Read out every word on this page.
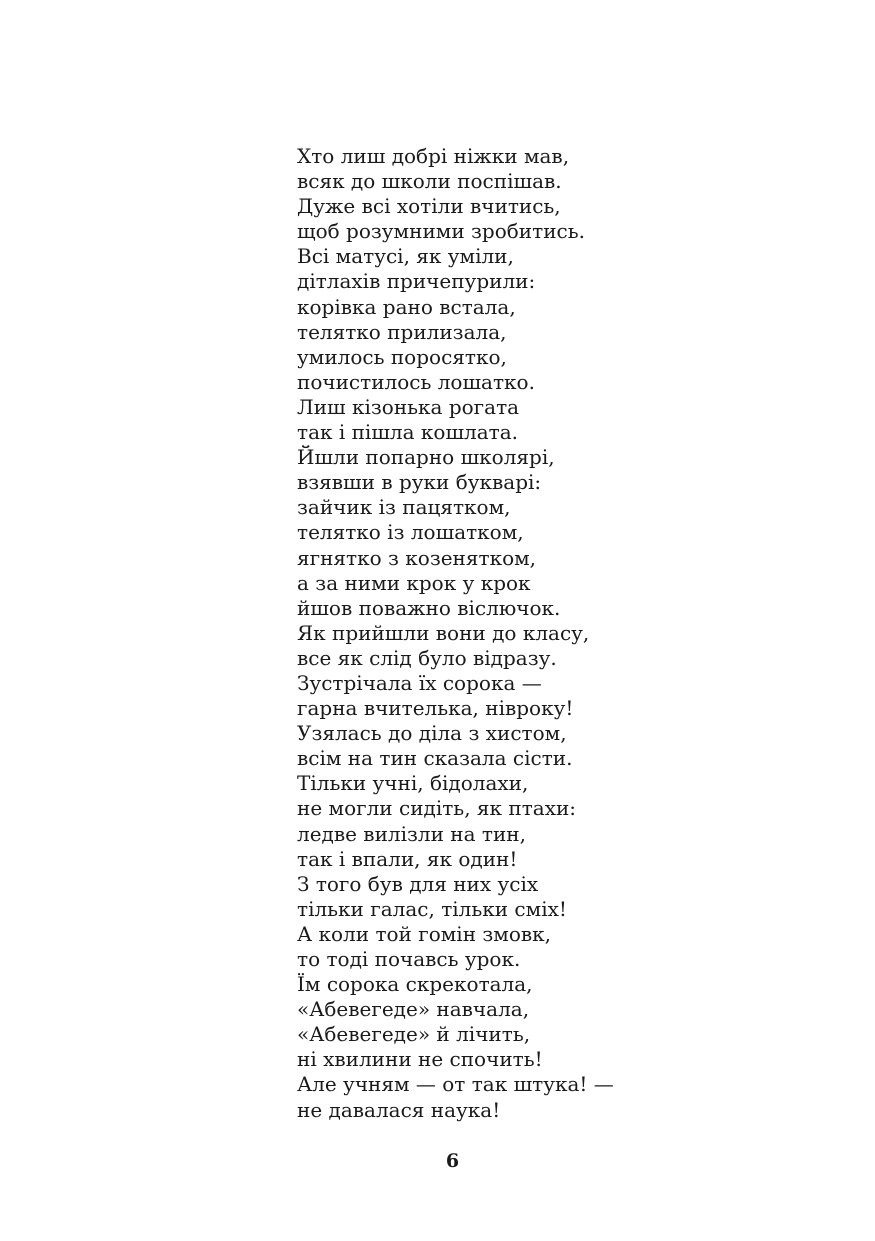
Хто лиш добрі ніжки мав,
всяк до школи поспішав.
Дуже всі хотіли вчитись,
щоб розумними зробитись.
Всі матусі, як уміли,
дітлахів причепурили:
корівка рано встала,
телятко прилизала,
умилось поросятко,
почистилось лошатко.
Лиш кізонька рогата
так і пішла кошлата.
Йшли попарно школярі,
взявши в руки букварі:
зайчик із пацятком,
телятко із лошатком,
ягнятко з козенятком,
а за ними крок у крок
йшов поважно віслючок.
Як прийшли вони до класу,
все як слід було відразу.
Зустрічала їх сорока —
гарна вчителька, нівроку!
Узялась до діла з хистом,
всім на тин сказала сісти.
Тільки учні, бідолахи,
не могли сидіть, як птахи:
ледве вилізли на тин,
так і впали, як один!
З того був для них усіх
тільки галас, тільки сміх!
А коли той гомін змовк,
то тоді почавсь урок.
Їм сорока скрекотала,
«Абевегеде» навчала,
«Абевегеде» й лічить,
ні хвилини не спочить!
Але учням — от так штука! —
не давалася наука!
6
